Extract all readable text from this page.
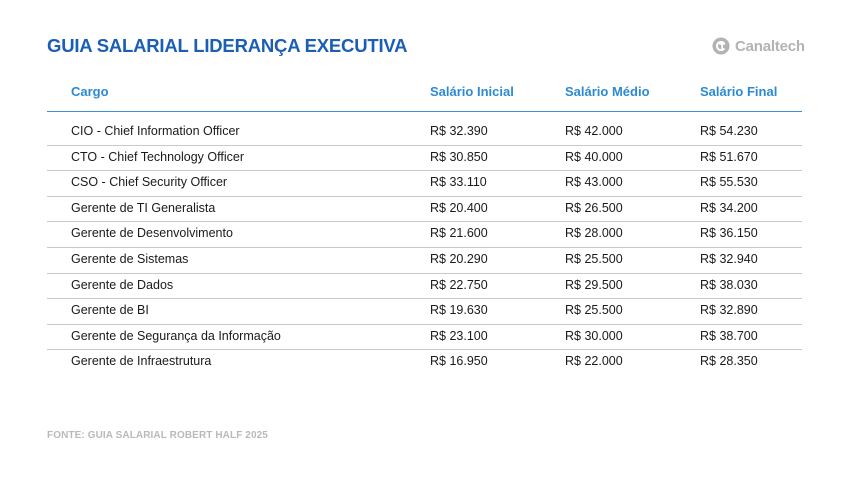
GUIA SALARIAL LIDERANÇA EXECUTIVA	Canaltech
Cargo	Salário Inicial	Salário Médio	Salário Final
CIO - Chief Information Officer	R$ 32.390	R$ 42.000	R$ 54.230
CTO - Chief Technology Officer	R$ 30.850	R$ 40.000	R$ 51.670
CSO - Chief Security Officer	R$ 33.110	R$ 43.000	R$ 55.530
Gerente de TI Generalista	R$ 20.400	R$ 26.500	R$ 34.200
Gerente de Desenvolvimento	R$ 21.600	R$ 28.000	R$ 36.150
Gerente de Sistemas	R$ 20.290	R$ 25.500	R$ 32.940
Gerente de Dados	R$ 22.750	R$ 29.500	R$ 38.030
Gerente de BI	R$ 19.630	R$ 25.500	R$ 32.890
Gerente de Segurança da Informação	R$ 23.100	R$ 30.000	R$ 38.700
Gerente de Infraestrutura	R$ 16.950	R$ 22.000	R$ 28.350
FONTE: GUIA SALARIAL ROBERT HALF 2025
